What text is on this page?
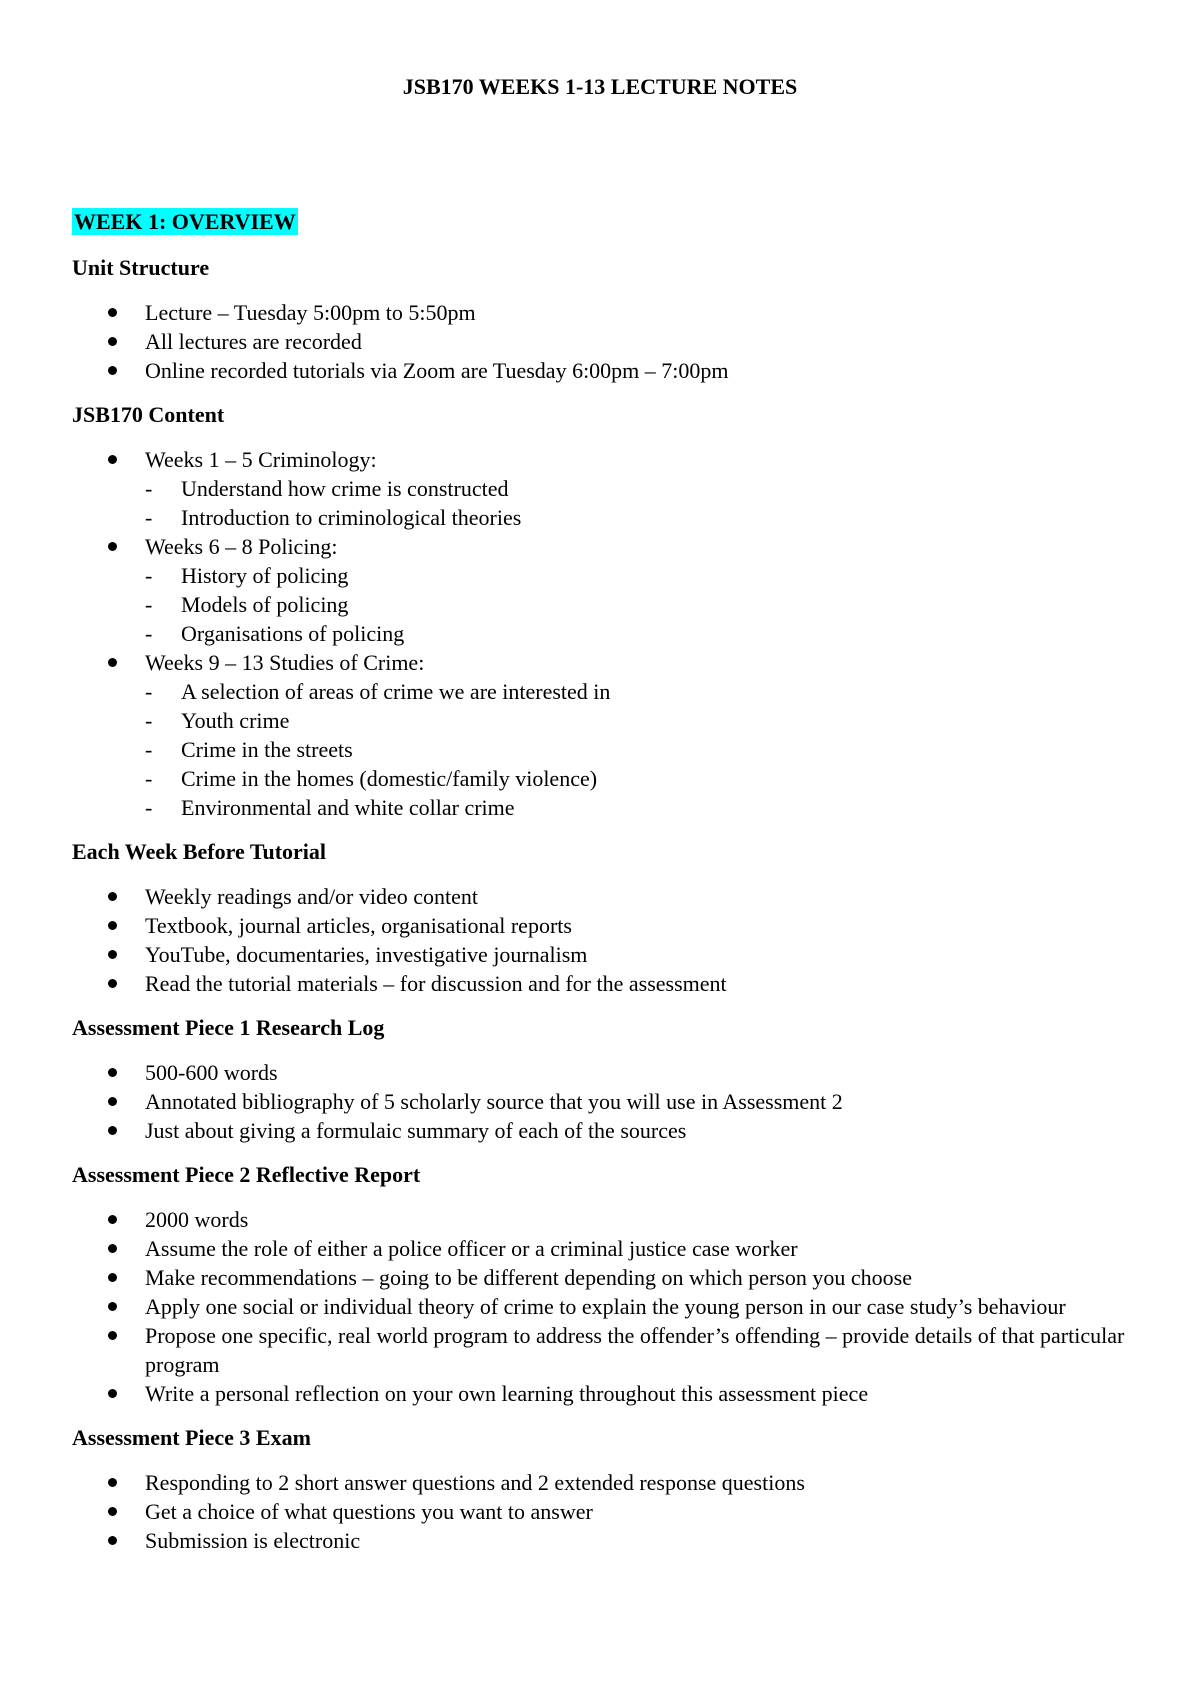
JSB170 WEEKS 1-13 LECTURE NOTES
WEEK 1: OVERVIEW
Unit Structure
Lecture – Tuesday 5:00pm to 5:50pm
All lectures are recorded
Online recorded tutorials via Zoom are Tuesday 6:00pm – 7:00pm
JSB170 Content
Weeks 1 – 5 Criminology:
- Understand how crime is constructed
- Introduction to criminological theories
Weeks 6 – 8 Policing:
- History of policing
- Models of policing
- Organisations of policing
Weeks 9 – 13 Studies of Crime:
- A selection of areas of crime we are interested in
- Youth crime
- Crime in the streets
- Crime in the homes (domestic/family violence)
- Environmental and white collar crime
Each Week Before Tutorial
Weekly readings and/or video content
Textbook, journal articles, organisational reports
YouTube, documentaries, investigative journalism
Read the tutorial materials – for discussion and for the assessment
Assessment Piece 1 Research Log
500-600 words
Annotated bibliography of 5 scholarly source that you will use in Assessment 2
Just about giving a formulaic summary of each of the sources
Assessment Piece 2 Reflective Report
2000 words
Assume the role of either a police officer or a criminal justice case worker
Make recommendations – going to be different depending on which person you choose
Apply one social or individual theory of crime to explain the young person in our case study’s behaviour
Propose one specific, real world program to address the offender’s offending – provide details of that particular program
Write a personal reflection on your own learning throughout this assessment piece
Assessment Piece 3 Exam
Responding to 2 short answer questions and 2 extended response questions
Get a choice of what questions you want to answer
Submission is electronic
